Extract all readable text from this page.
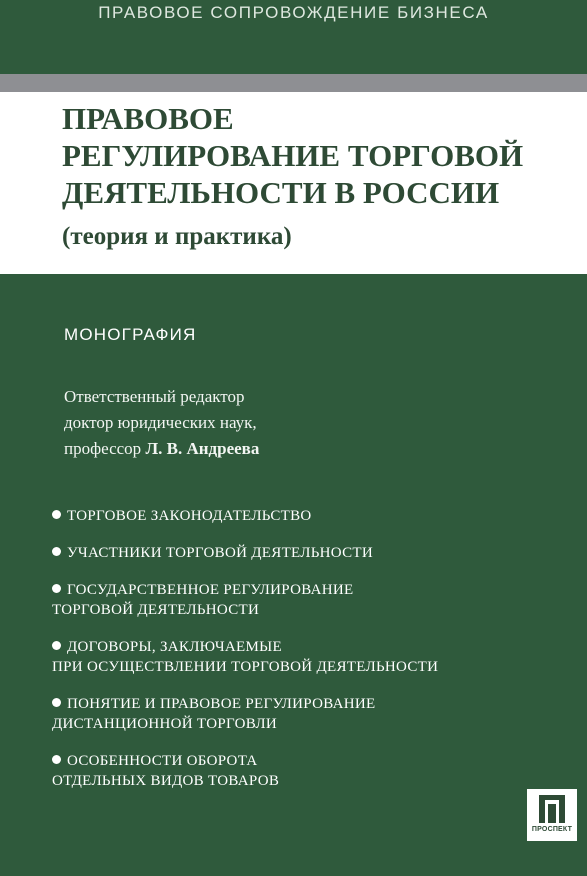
ПРАВОВОЕ СОПРОВОЖДЕНИЕ БИЗНЕСА
ПРАВОВОЕ
РЕГУЛИРОВАНИЕ ТОРГОВОЙ
ДЕЯТЕЛЬНОСТИ В РОССИИ
(теория и практика)
МОНОГРАФИЯ
Ответственный редактор
доктор юридических наук,
профессор Л. В. Андреева
ТОРГОВОЕ ЗАКОНОДАТЕЛЬСТВО
УЧАСТНИКИ ТОРГОВОЙ ДЕЯТЕЛЬНОСТИ
ГОСУДАРСТВЕННОЕ РЕГУЛИРОВАНИЕ
ТОРГОВОЙ ДЕЯТЕЛЬНОСТИ
ДОГОВОРЫ, ЗАКЛЮЧАЕМЫЕ
ПРИ ОСУЩЕСТВЛЕНИИ ТОРГОВОЙ ДЕЯТЕЛЬНОСТИ
ПОНЯТИЕ И ПРАВОВОЕ РЕГУЛИРОВАНИЕ
ДИСТАНЦИОННОЙ ТОРГОВЛИ
ОСОБЕННОСТИ ОБОРОТА
ОТДЕЛЬНЫХ ВИДОВ ТОВАРОВ
ПРОСПЕКТ
